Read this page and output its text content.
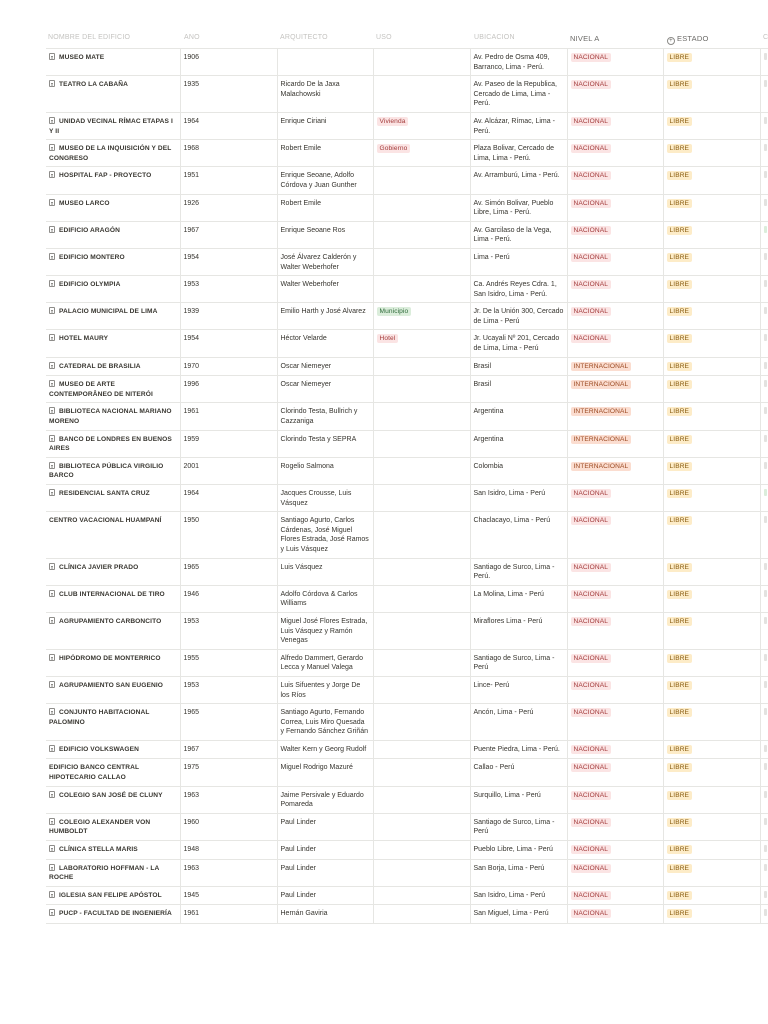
NOMBRE DEL EDIFICIO	AÑO	ARQUITECTO	USO	UBICACIÓN	NIVEL A	+ ESTADO	C
MUSEO MATE	1906			Av. Pedro de Osma 409, Barranco, Lima - Perú.	NACIONAL	LIBRE	
TEATRO LA CABAÑA	1935	Ricardo De la Jaxa Malachowski		Av. Paseo de la Republica, Cercado de Lima, Lima - Perú.	NACIONAL	LIBRE	
UNIDAD VECINAL RÍMAC ETAPAS I Y II	1964	Enrique Ciriani	Vivienda	Av. Alcázar, Rímac, Lima - Perú.	NACIONAL	LIBRE	
MUSEO DE LA INQUISICIÓN Y DEL CONGRESO	1968	Robert Emile	Gobierno	Plaza Bolivar, Cercado de Lima, Lima - Perú.	NACIONAL	LIBRE	
HOSPITAL FAP - PROYECTO	1951	Enrique Seoane, Adolfo Córdova y Juan Gunther		Av. Arramburú, Lima - Perú.	NACIONAL	LIBRE	
MUSEO LARCO	1926	Robert Emile		Av. Simón Bolivar, Pueblo Libre, Lima - Perú.	NACIONAL	LIBRE	
EDIFICIO ARAGÓN	1967	Enrique Seoane Ros		Av. Garcilaso de la Vega, Lima - Perú.	NACIONAL	LIBRE	
EDIFICIO MONTERO	1954	José Álvarez Calderón y Walter Weberhofer		Lima - Perú	NACIONAL	LIBRE	
EDIFICIO OLYMPIA	1953	Walter Weberhofer		Ca. Andrés Reyes Cdra. 1, San Isidro, Lima - Perú.	NACIONAL	LIBRE	
PALACIO MUNICIPAL DE LIMA	1939	Emilio Harth y José Alvarez	Municipio	Jr. De la Unión 300, Cercado de Lima - Perú	NACIONAL	LIBRE	
HOTEL MAURY	1954	Héctor Velarde	Hotel	Jr. Ucayali Nº 201, Cercado de Lima, Lima - Perú	NACIONAL	LIBRE	
CATEDRAL DE BRASILIA	1970	Oscar Niemeyer		Brasil	INTERNACIONAL	LIBRE	
MUSEO DE ARTE CONTEMPORÂNEO DE NITERÓI	1996	Oscar Niemeyer		Brasil	INTERNACIONAL	LIBRE	
BIBLIOTECA NACIONAL MARIANO MORENO	1961	Clorindo Testa, Bullrich y Cazzaniga		Argentina	INTERNACIONAL	LIBRE	
BANCO DE LONDRES EN BUENOS AIRES	1959	Clorindo Testa y SEPRA		Argentina	INTERNACIONAL	LIBRE	
BIBLIOTECA PÚBLICA VIRGILIO BARCO	2001	Rogelio Salmona		Colombia	INTERNACIONAL	LIBRE	
RESIDENCIAL SANTA CRUZ	1964	Jacques Crousse, Luis Vásquez		San Isidro, Lima - Perú	NACIONAL	LIBRE	
CENTRO VACACIONAL HUAMPANÍ	1950	Santiago Agurto, Carlos Cárdenas, José Miguel Flores Estrada, José Ramos y Luis Vásquez		Chaclacayo, Lima - Perú	NACIONAL	LIBRE	
CLÍNICA JAVIER PRADO	1965	Luis Vásquez		Santiago de Surco, Lima - Perú.	NACIONAL	LIBRE	
CLUB INTERNACIONAL DE TIRO	1946	Adolfo Córdova & Carlos Williams		La Molina, Lima - Perú	NACIONAL	LIBRE	
AGRUPAMIENTO CARBONCITO	1953	Miguel José Flores Estrada, Luis Vásquez y Ramón Venegas		Miraflores Lima - Perú	NACIONAL	LIBRE	
HIPÓDROMO DE MONTERRICO	1955	Alfredo Dammert, Gerardo Lecca y Manuel Valega		Santiago de Surco, Lima - Perú	NACIONAL	LIBRE	
AGRUPAMIENTO SAN EUGENIO	1953	Luis Sifuentes y Jorge De los Ríos		Lince- Perú	NACIONAL	LIBRE	
CONJUNTO HABITACIONAL PALOMINO	1965	Santiago Agurto, Fernando Correa, Luis Miro Quesada y Fernando Sánchez Griñán		Ancón, Lima - Perú	NACIONAL	LIBRE	
EDIFICIO VOLKSWAGEN	1967	Walter Kern y Georg Rudolf		Puente Piedra, Lima - Perú.	NACIONAL	LIBRE	
EDIFICIO BANCO CENTRAL HIPOTECARIO CALLAO	1975	Miguel Rodrigo Mazuré		Callao - Perú	NACIONAL	LIBRE	
COLEGIO SAN JOSÉ DE CLUNY	1963	Jaime Persivale y Eduardo Pomareda		Surquillo, Lima - Perú	NACIONAL	LIBRE	
COLEGIO ALEXANDER VON HUMBOLDT	1960	Paul Linder		Santiago de Surco, Lima - Perú	NACIONAL	LIBRE	
CLÍNICA STELLA MARIS	1948	Paul Linder		Pueblo Libre, Lima - Perú	NACIONAL	LIBRE	
LABORATORIO HOFFMAN - LA ROCHE	1963	Paul Linder		San Borja, Lima - Perú	NACIONAL	LIBRE	
IGLESIA SAN FELIPE APÓSTOL	1945	Paul Linder		San Isidro, Lima - Perú	NACIONAL	LIBRE	
PUCP - FACULTAD DE INGENIERÍA	1961	Hernán Gaviria		San Miguel, Lima - Perú	NACIONAL	LIBRE	
